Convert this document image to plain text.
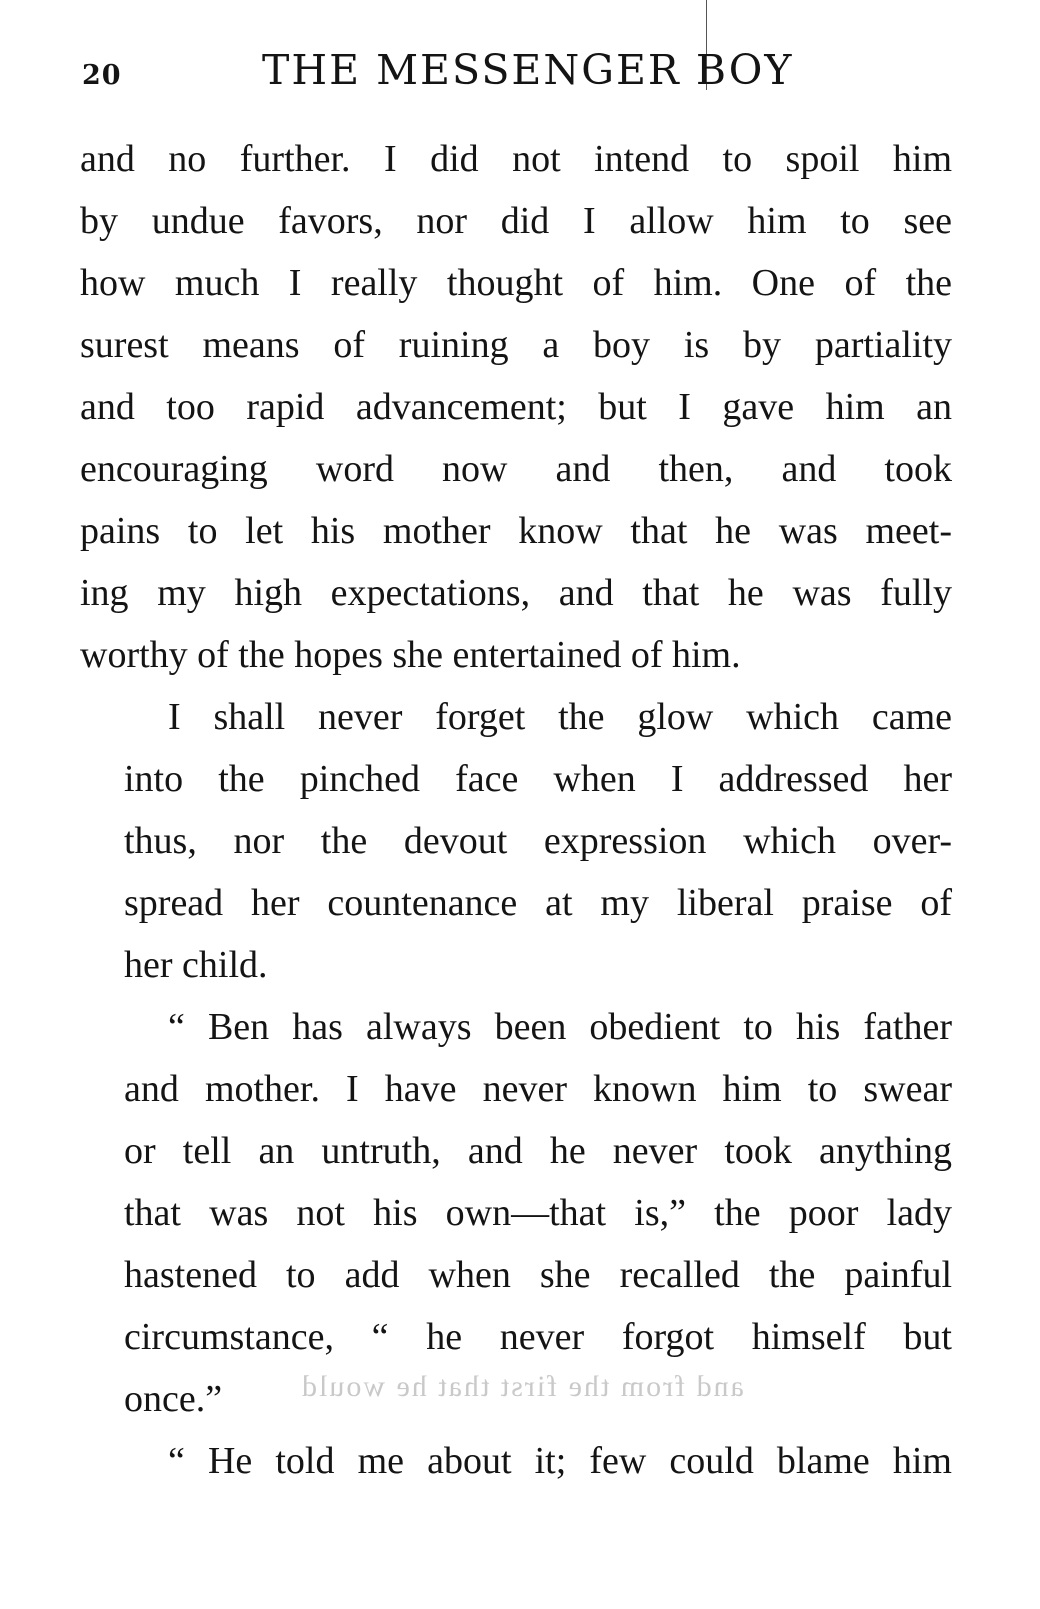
20	THE MESSENGER BOY
and no further. I did not intend to spoil him
by undue favors, nor did I allow him to see
how much I really thought of him. One of the
surest means of ruining a boy is by partiality
and too rapid advancement; but I gave him an
encouraging word now and then, and took
pains to let his mother know that he was meet-
ing my high expectations, and that he was fully
worthy of the hopes she entertained of him.
I shall never forget the glow which came
into the pinched face when I addressed her
thus, nor the devout expression which over-
spread her countenance at my liberal praise of
her child.
“ Ben has always been obedient to his father
and mother. I have never known him to swear
or tell an untruth, and he never took anything
that was not his own—that is,” the poor lady
hastened to add when she recalled the painful
circumstance, “ he never forgot himself but
once.”
“ He told me about it; few could blame him
and from the first that he would
